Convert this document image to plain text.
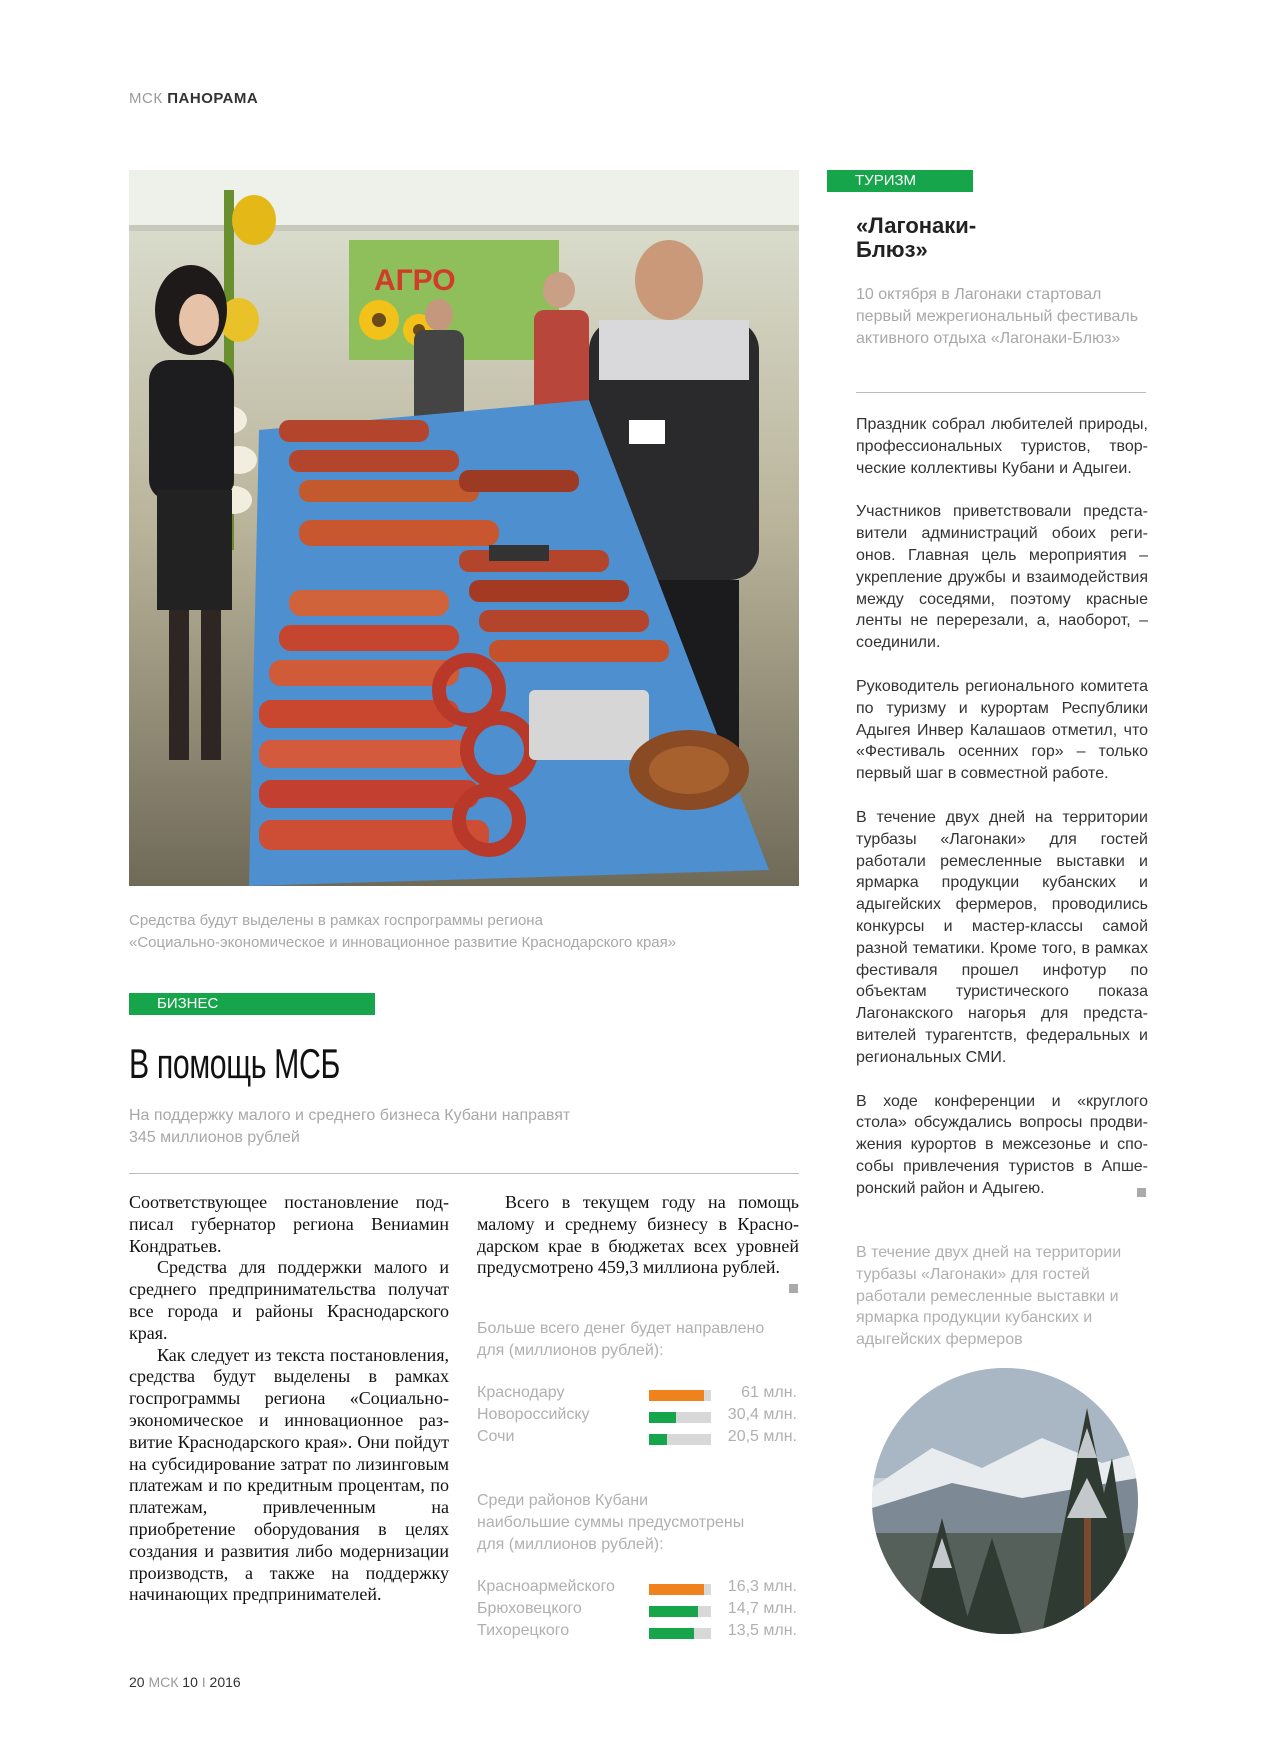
МСК ПАНОРАМА
АГРО
Средства будут выделены в рамках госпрограммы региона
«Социально-экономическое и инновационное развитие Краснодарского края»
БИЗНЕС
В помощь МСБ
На поддержку малого и среднего бизнеса Кубани направят
345 миллионов рублей

Соответствующее постановление подписал губернатор региона Вениамин Кондратьев.

Средства для поддержки малого и среднего предпринимательства получат все города и районы Краснодарского края.

Как следует из текста постановления, средства будут выделены в рамках госпрограммы региона «Социально-экономическое и инновационное развитие Краснодарского края». Они пойдут на субсидирование затрат по лизинговым платежам и по кредитным процентам, по платежам, привлеченным на приобретение оборудования в целях создания и развития либо модернизации производств, а также на поддержку начинающих предпринимателей.

Всего в текущем году на помощь малому и среднему бизнесу в Краснодарском крае в бюджетах всех уровней предусмотрено 459,3 миллиона рублей.

Больше всего денег будет направлено
для (миллионов рублей):
Краснодару	61 млн.
Новороссийску	30,4 млн.
Сочи	20,5 млн.
Среди районов Кубани
наибольшие суммы предусмотрены
для (миллионов рублей):
Красноармейского	16,3 млн.
Брюховецкого	14,7 млн.
Тихорецкого	13,5 млн.
ТУРИЗМ
«Лагонаки-
Блюз»
10 октября в Лагонаки стартовал первый межрегиональный фестиваль активного отдыха «Лагонаки-Блюз»

Праздник собрал любителей природы, профессиональных туристов, творческие коллективы Кубани и Адыгеи.

Участников приветствовали представители администраций обоих регионов. Главная цель мероприятия – укрепление дружбы и взаимодействия между соседями, поэтому красные ленты не перерезали, а, наоборот, – соединили.

Руководитель регионального комитета по туризму и курортам Республики Адыгея Инвер Калашаов отметил, что «Фестиваль осенних гор» – только первый шаг в совместной работе.

В течение двух дней на территории турбазы «Лагонаки» для гостей работали ремесленные выставки и ярмарка продукции кубанских и адыгейских фермеров, проводились конкурсы и мастер-классы самой разной тематики. Кроме того, в рамках фестиваля прошел инфотур по объектам туристического показа Лагонакского нагорья для представителей турагентств, федеральных и региональных СМИ.

В ходе конференции и «круглого стола» обсуждались вопросы продвижения курортов в межсезонье и способы привлечения туристов в Апшеронский район и Адыгею.

В течение двух дней на территории турбазы «Лагонаки» для гостей работали ремесленные выставки и ярмарка продукции кубанских и адыгейских фермеров
20 МСК 10 I 2016
